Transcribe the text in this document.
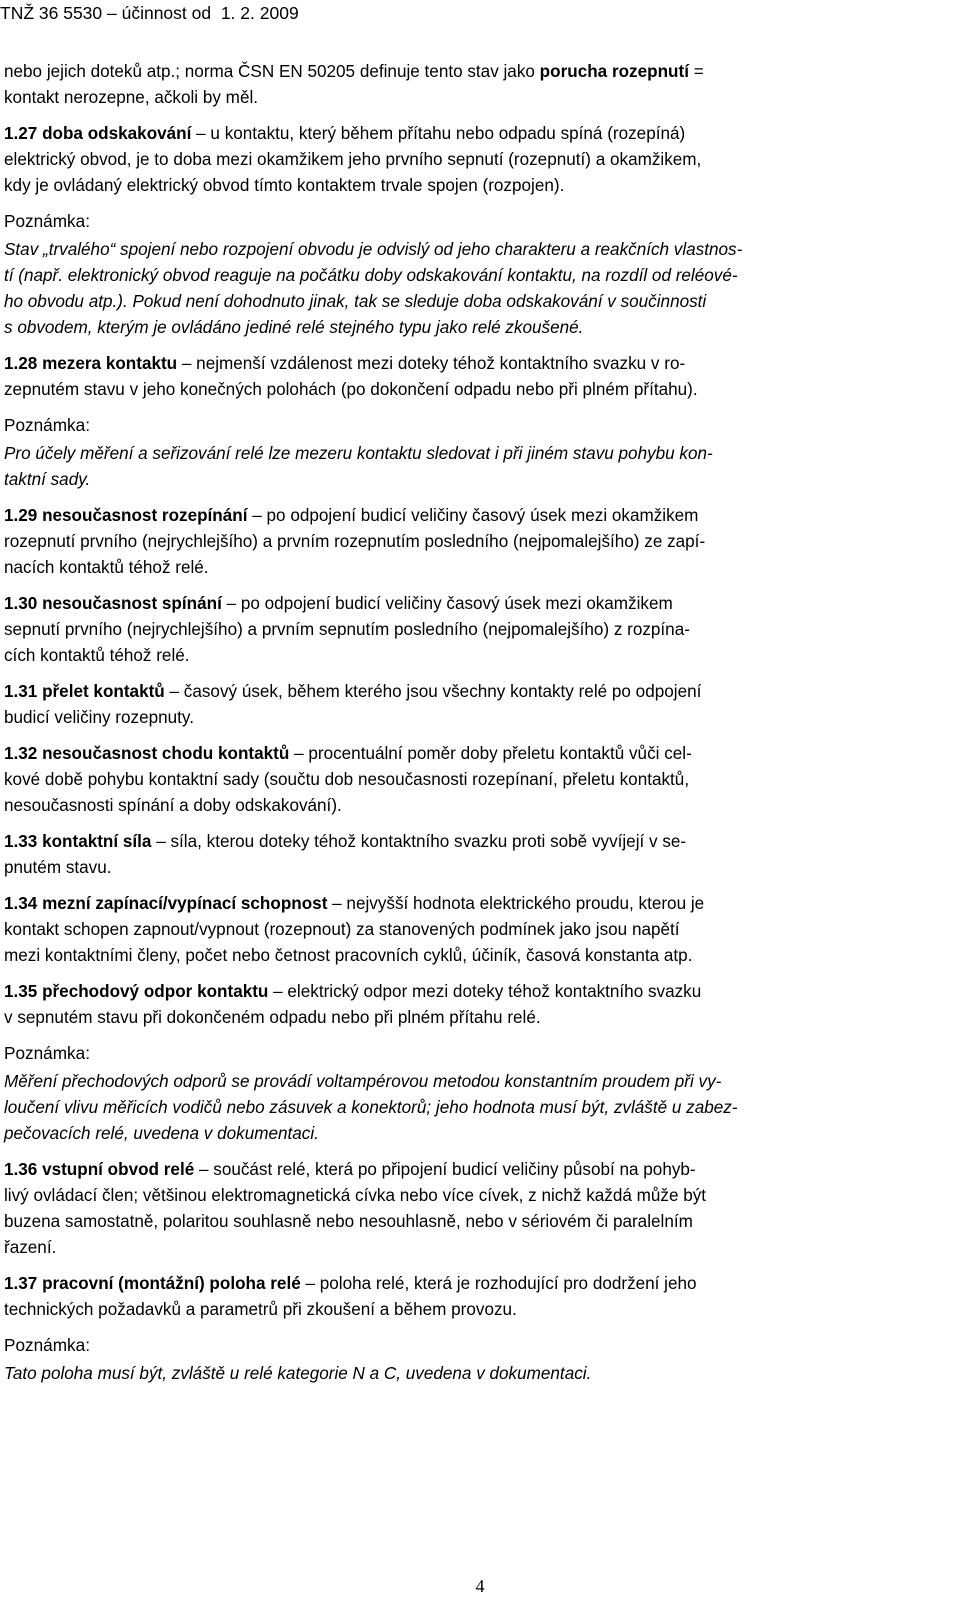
TNŽ 36 5530 – účinnost od  1. 2. 2009
nebo jejich doteků atp.; norma ČSN EN 50205 definuje tento stav jako porucha rozepnutí =
kontakt nerozepne, ačkoli by měl.
1.27 doba odskakování – u kontaktu, který během přítahu nebo odpadu spíná (rozepíná)
elektrický obvod, je to doba mezi okamžikem jeho prvního sepnutí (rozepnutí) a okamžikem,
kdy je ovládaný elektrický obvod tímto kontaktem trvale spojen (rozpojen).
Poznámka:
Stav „trvalého“ spojení nebo rozpojení obvodu je odvislý od jeho charakteru a reakčních vlastnos-
tí (např. elektronický obvod reaguje na počátku doby odskakování kontaktu, na rozdíl od reléové-
ho obvodu atp.). Pokud není dohodnuto jinak, tak se sleduje doba odskakování v součinnosti
s obvodem, kterým je ovládáno jediné relé stejného typu jako relé zkoušené.
1.28 mezera kontaktu – nejmenší vzdálenost mezi doteky téhož kontaktního svazku v ro-
zepnutém stavu v jeho konečných polohách (po dokončení odpadu nebo při plném přítahu).
Poznámka:
Pro účely měření a seřizování relé lze mezeru kontaktu sledovat i při jiném stavu pohybu kon-
taktní sady.
1.29 nesoučasnost rozepínání – po odpojení budicí veličiny časový úsek mezi okamžikem
rozepnutí prvního (nejrychlejšího) a prvním rozepnutím posledního (nejpomalejšího) ze zapí-
nacích kontaktů téhož relé.
1.30 nesoučasnost spínání – po odpojení budicí veličiny časový úsek mezi okamžikem
sepnutí prvního (nejrychlejšího) a prvním sepnutím posledního (nejpomalejšího) z rozpína-
cích kontaktů téhož relé.
1.31 přelet kontaktů – časový úsek, během kterého jsou všechny kontakty relé po odpojení
budicí veličiny rozepnuty.
1.32 nesoučasnost chodu kontaktů – procentuální poměr doby přeletu kontaktů vůči cel-
kové době pohybu kontaktní sady (součtu dob nesoučasnosti rozepínaní, přeletu kontaktů,
nesoučasnosti spínání a doby odskakování).
1.33 kontaktní síla – síla, kterou doteky téhož kontaktního svazku proti sobě vyvíjejí v se-
pnutém stavu.
1.34 mezní zapínací/vypínací schopnost – nejvyšší hodnota elektrického proudu, kterou je
kontakt schopen zapnout/vypnout (rozepnout) za stanovených podmínek jako jsou napětí
mezi kontaktními členy, počet nebo četnost pracovních cyklů, účiník, časová konstanta atp.
1.35 přechodový odpor kontaktu – elektrický odpor mezi doteky téhož kontaktního svazku
v sepnutém stavu při dokončeném odpadu nebo při plném přítahu relé.
Poznámka:
Měření přechodových odporů se provádí voltampérovou metodou konstantním proudem při vy-
loučení vlivu měřicích vodičů nebo zásuvek a konektorů; jeho hodnota musí být, zvláště u zabez-
pečovacích relé, uvedena v dokumentaci.
1.36 vstupní obvod relé – součást relé, která po připojení budicí veličiny působí na pohyb-
livý ovládací člen; většinou elektromagnetická cívka nebo více cívek, z nichž každá může být
buzena samostatně, polaritou souhlasně nebo nesouhlasně, nebo v sériovém či paralelním
řazení.
1.37 pracovní (montážní) poloha relé – poloha relé, která je rozhodující pro dodržení jeho
technických požadavků a parametrů při zkoušení a během provozu.
Poznámka:
Tato poloha musí být, zvláště u relé kategorie N a C, uvedena v dokumentaci.
4
